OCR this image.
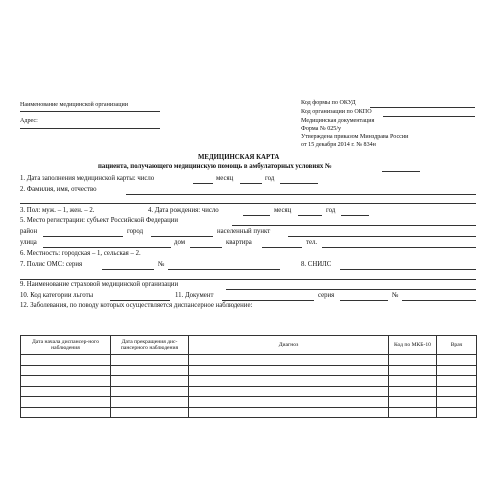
Наименование медицинской организации
Адрес:
Код формы по ОКУД
Код организации по ОКПО
Медицинская документация
Форма № 025/у
Утверждена приказом Минздрава России
от 15 декабря 2014 г. № 834н
МЕДИЦИНСКАЯ КАРТА
пациента, получающего медицинскую помощь в амбулаторных условиях №
1. Дата заполнения медицинской карты: число	месяц	год
2. Фамилия, имя, отчество
3. Пол: муж. – 1, жен. – 2.	4. Дата рождения: число	месяц	год
5. Место регистрации: субъект Российской Федерации
район	город	населенный пункт
улица	дом	квартира	тел.
6. Местность: городская – 1, сельская – 2.
7. Полис ОМС: серия	№	8. СНИЛС
9. Наименование страховой медицинской организации
10. Код категории льготы	11. Документ	серия	№
12. Заболевания, по поводу которых осуществляется диспансерное наблюдение:
Дата начала диспансер-ного наблюдения	Дата прекращения дис-пансерного наблюдения	Диагноз	Код по МКБ-10	Врач
